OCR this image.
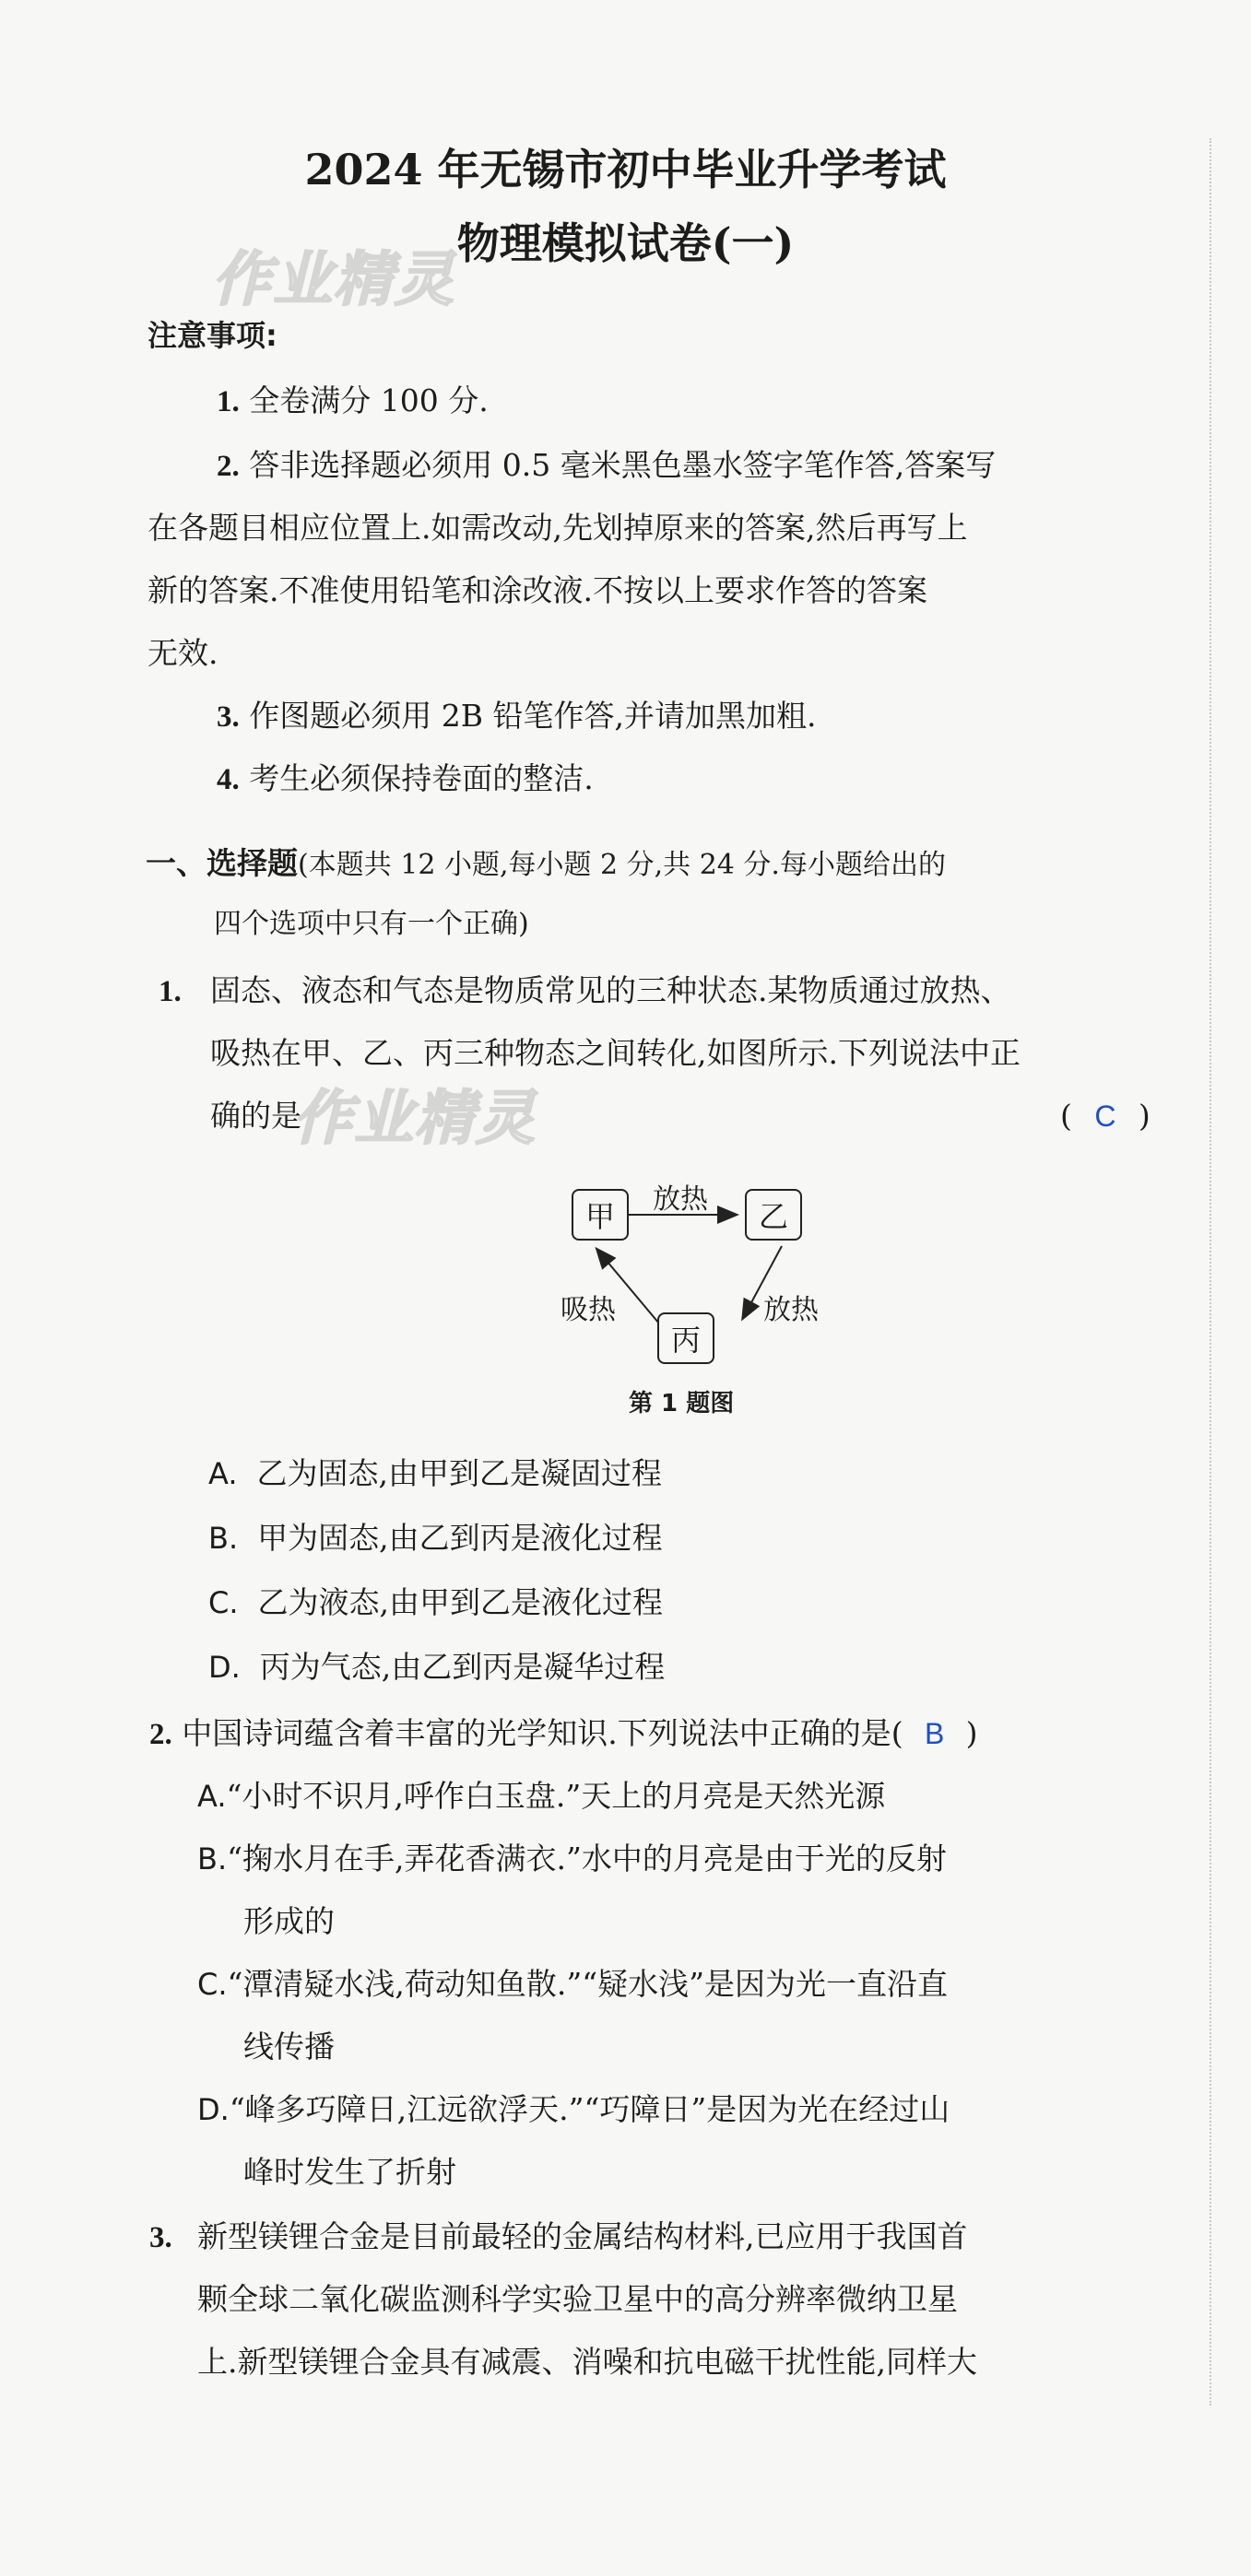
作业精灵
作业精灵
2024 年无锡市初中毕业升学考试
物理模拟试卷(一)
注意事项:
1. 全卷满分 100 分.
2. 答非选择题必须用 0.5 毫米黑色墨水签字笔作答,答案写
在各题目相应位置上.如需改动,先划掉原来的答案,然后再写上
新的答案.不准使用铅笔和涂改液.不按以上要求作答的答案
无效.
3. 作图题必须用 2B 铅笔作答,并请加黑加粗.
4. 考生必须保持卷面的整洁.
一、选择题(本题共 12 小题,每小题 2 分,共 24 分.每小题给出的
四个选项中只有一个正确)
1. 固态、液态和气态是物质常见的三种状态.某物质通过放热、
吸热在甲、乙、丙三种物态之间转化,如图所示.下列说法中正
确的是	( C )
甲	乙
丙
放热
放热
吸热
第 1 题图
A. 乙为固态,由甲到乙是凝固过程
B. 甲为固态,由乙到丙是液化过程
C. 乙为液态,由甲到乙是液化过程
D. 丙为气态,由乙到丙是凝华过程
2. 中国诗词蕴含着丰富的光学知识.下列说法中正确的是( B )
A.“小时不识月,呼作白玉盘.”天上的月亮是天然光源
B.“掬水月在手,弄花香满衣.”水中的月亮是由于光的反射
形成的
C.“潭清疑水浅,荷动知鱼散.”“疑水浅”是因为光一直沿直
线传播
D.“峰多巧障日,江远欲浮天.”“巧障日”是因为光在经过山
峰时发生了折射
3. 新型镁锂合金是目前最轻的金属结构材料,已应用于我国首
颗全球二氧化碳监测科学实验卫星中的高分辨率微纳卫星
上.新型镁锂合金具有减震、消噪和抗电磁干扰性能,同样大
